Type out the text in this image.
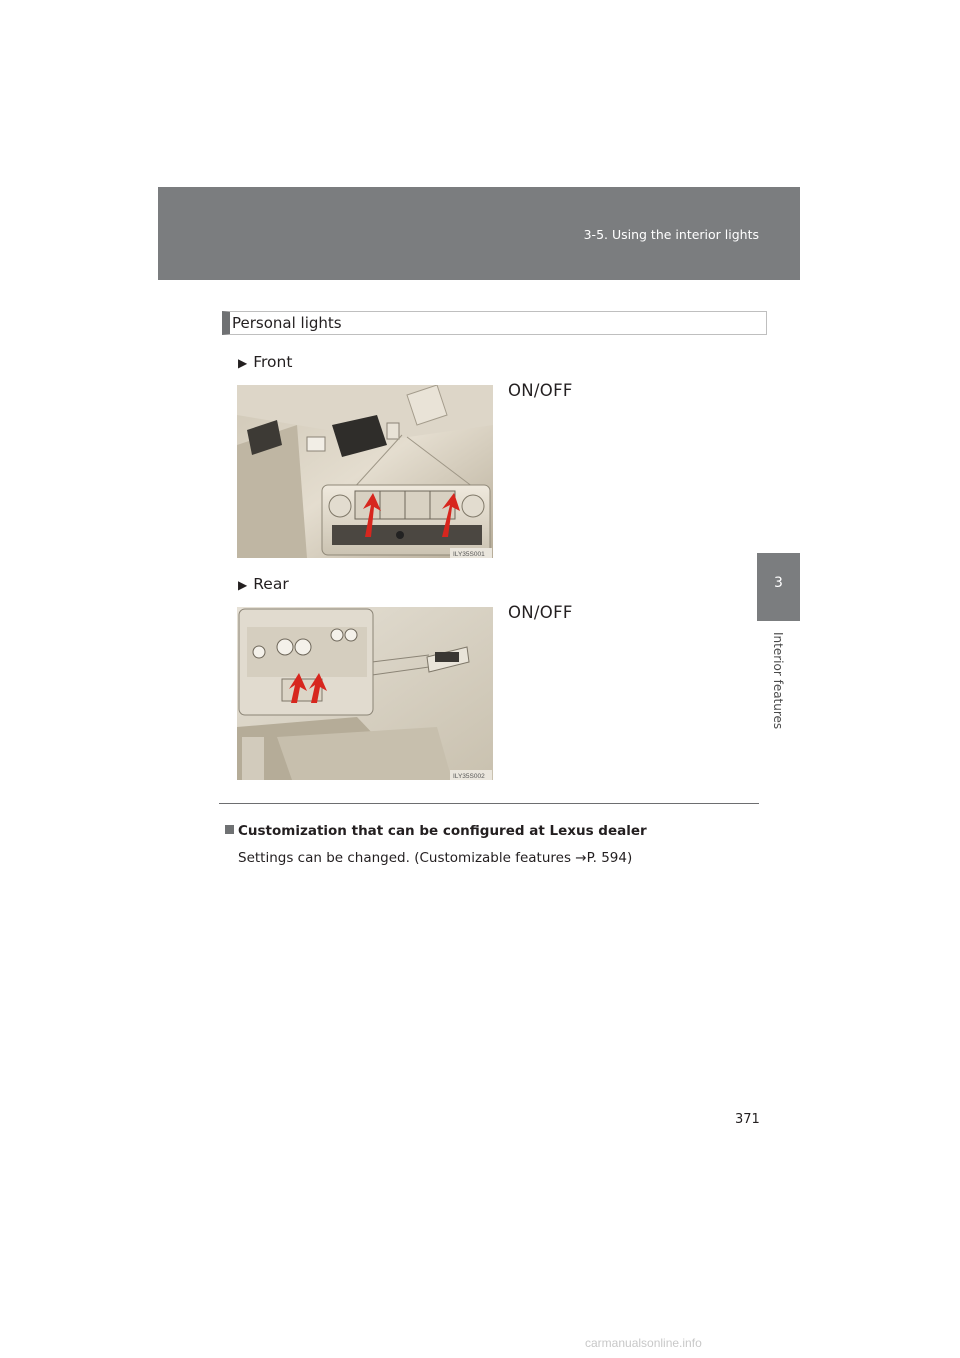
3-5. Using the interior lights
3
Interior features
Personal lights
▶ Front
ILY35S001
ON/OFF
▶ Rear
ILY35S002
ON/OFF
Customization that can be configured at Lexus dealer
Settings can be changed. (Customizable features →P. 594)
371
carmanualsonline.info
